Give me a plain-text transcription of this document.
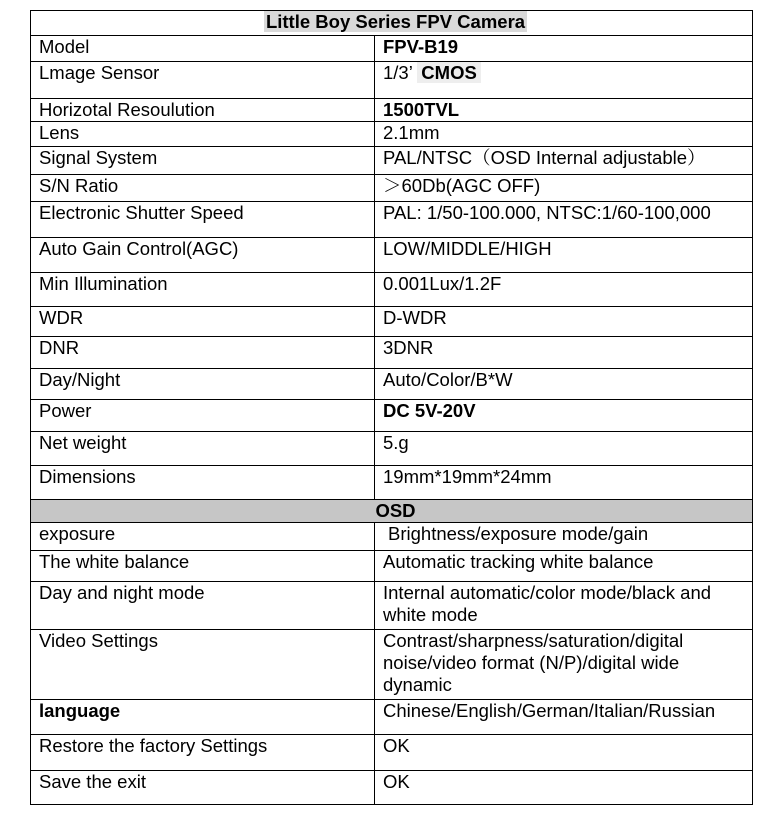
Little Boy Series FPV Camera	
Model	FPV-B19
Lmage Sensor	1/3’ CMOS
Horizotal Resoulution	1500TVL
Lens	2.1mm
Signal System	PAL/NTSC（OSD Internal adjustable）
S/N Ratio	＞60Db(AGC OFF)
Electronic Shutter Speed	PAL: 1/50-100.000, NTSC:1/60-100,000
Auto Gain Control(AGC)	LOW/MIDDLE/HIGH
Min Illumination	0.001Lux/1.2F
WDR	D-WDR
DNR	3DNR
Day/Night	Auto/Color/B*W
Power	DC 5V-20V
Net weight	5.g
Dimensions	19mm*19mm*24mm
OSD	
exposure	Brightness/exposure mode/gain
The white balance	Automatic tracking white balance
Day and night mode	Internal automatic/color mode/black and white mode
Video Settings	Contrast/sharpness/saturation/digital noise/video format (N/P)/digital wide dynamic
language	Chinese/English/German/Italian/Russian
Restore the factory Settings	OK
Save the exit	OK
